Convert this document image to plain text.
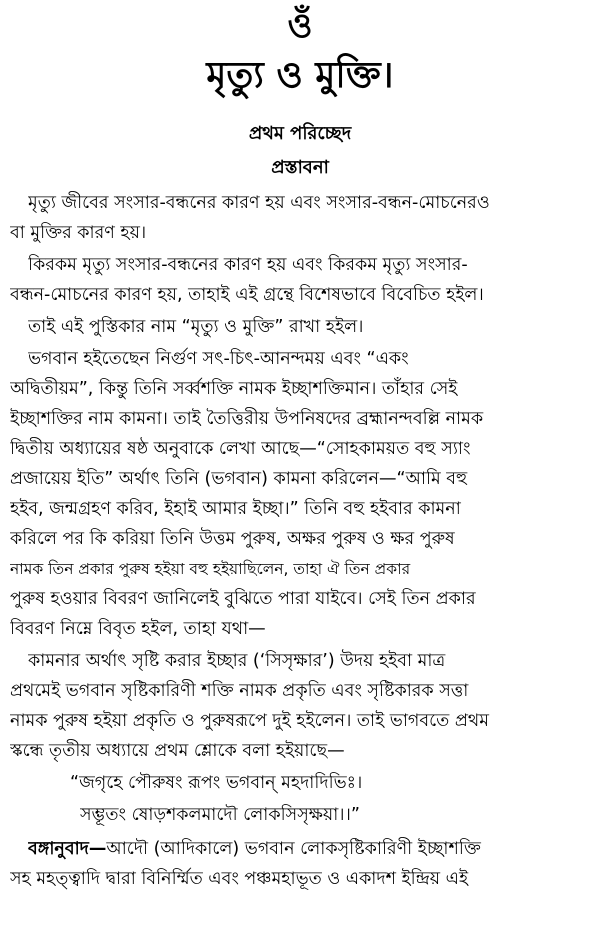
ওঁ
মৃত্যু ও মুক্তি।
প্রথম পরিচ্ছেদ
প্রস্তাবনা
মৃত্যু জীবের সংসার-বন্ধনের কারণ হয় এবং সংসার-বন্ধন-মোচনেরও
বা মুক্তির কারণ হয়।
কিরকম মৃত্যু সংসার-বন্ধনের কারণ হয় এবং কিরকম মৃত্যু সংসার-
বন্ধন-মোচনের কারণ হয়, তাহাই এই গ্রন্থে বিশেষভাবে বিবেচিত হইল।
তাই এই পুস্তিকার নাম “মৃত্যু ও মুক্তি” রাখা হইল।
ভগবান হইতেছেন নির্গুণ সৎ-চিৎ-আনন্দময় এবং “একং
অদ্বিতীয়ম”, কিন্তু তিনি সর্ব্বশক্তি নামক ইচ্ছাশক্তিমান। তাঁহার সেই
ইচ্ছাশক্তির নাম কামনা। তাই তৈত্তিরীয় উপনিষদের ব্রহ্মানন্দবল্লি নামক
দ্বিতীয় অধ্যায়ের ষষ্ঠ অনুবাকে লেখা আছে—“সোহকাময়ত বহু স্যাং
প্রজায়েয় ইতি” অর্থাৎ তিনি (ভগবান) কামনা করিলেন—“আমি বহু
হইব, জন্মগ্রহণ করিব, ইহাই আমার ইচ্ছা।” তিনি বহু হইবার কামনা
করিলে পর কি করিয়া তিনি উত্তম পুরুষ, অক্ষর পুরুষ ও ক্ষর পুরুষ
নামক তিন প্রকার পুরুষ হইয়া বহু হইয়াছিলেন, তাহা ঐ তিন প্রকার
পুরুষ হওয়ার বিবরণ জানিলেই বুঝিতে পারা যাইবে। সেই তিন প্রকার
বিবরণ নিম্নে বিবৃত হইল, তাহা যথা—
কামনার অর্থাৎ সৃষ্টি করার ইচ্ছার (‘সিসৃক্ষার’) উদয় হইবা মাত্র
প্রথমেই ভগবান সৃষ্টিকারিণী শক্তি নামক প্রকৃতি এবং সৃষ্টিকারক সত্তা
নামক পুরুষ হইয়া প্রকৃতি ও পুরুষরূপে দুই হইলেন। তাই ভাগবতে প্রথম
স্কন্ধে তৃতীয় অধ্যায়ে প্রথম শ্লোকে বলা হইয়াছে—
“জগৃহে পৌরুষং রূপং ভগবান্ মহদাদিভিঃ।
সম্ভূতং ষোড়শকলমাদৌ লোকসিসৃক্ষয়া।।”
বঙ্গানুবাদ—আদৌ (আদিকালে) ভগবান লোকসৃষ্টিকারিণী ইচ্ছাশক্তি
সহ মহত্ত্বাদি দ্বারা বিনির্ম্মিত এবং পঞ্চমহাভূত ও একাদশ ইন্দ্রিয় এই
